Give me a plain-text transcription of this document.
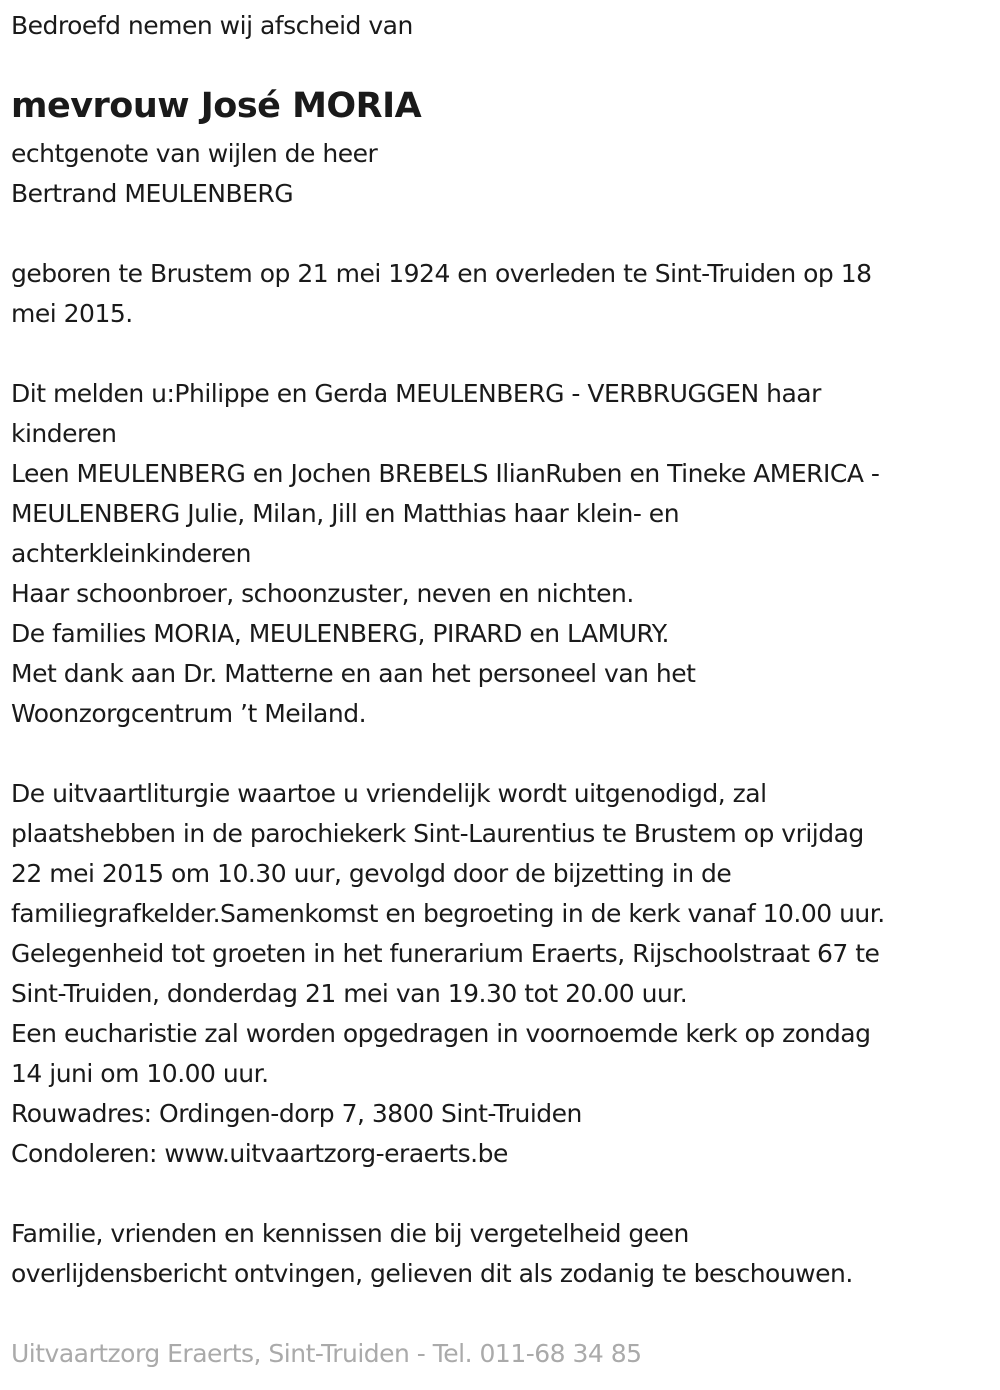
Bedroefd nemen wij afscheid van
mevrouw José MORIA
echtgenote van wijlen de heer
Bertrand MEULENBERG
geboren te Brustem op 21 mei 1924 en overleden te Sint-Truiden op 18
mei 2015.
Dit melden u:Philippe en Gerda MEULENBERG - VERBRUGGEN haar
kinderen
Leen MEULENBERG en Jochen BREBELS IlianRuben en Tineke AMERICA -
MEULENBERG Julie, Milan, Jill en Matthias haar klein- en
achterkleinkinderen
Haar schoonbroer, schoonzuster, neven en nichten.
De families MORIA, MEULENBERG, PIRARD en LAMURY.
Met dank aan Dr. Matterne en aan het personeel van het
Woonzorgcentrum ’t Meiland.
De uitvaartliturgie waartoe u vriendelijk wordt uitgenodigd, zal
plaatshebben in de parochiekerk Sint-Laurentius te Brustem op vrijdag
22 mei 2015 om 10.30 uur, gevolgd door de bijzetting in de
familiegrafkelder.Samenkomst en begroeting in de kerk vanaf 10.00 uur.
Gelegenheid tot groeten in het funerarium Eraerts, Rijschoolstraat 67 te
Sint-Truiden, donderdag 21 mei van 19.30 tot 20.00 uur.
Een eucharistie zal worden opgedragen in voornoemde kerk op zondag
14 juni om 10.00 uur.
Rouwadres: Ordingen-dorp 7, 3800 Sint-Truiden
Condoleren: www.uitvaartzorg-eraerts.be
Familie, vrienden en kennissen die bij vergetelheid geen
overlijdensbericht ontvingen, gelieven dit als zodanig te beschouwen.
Uitvaartzorg Eraerts, Sint-Truiden - Tel. 011-68 34 85
